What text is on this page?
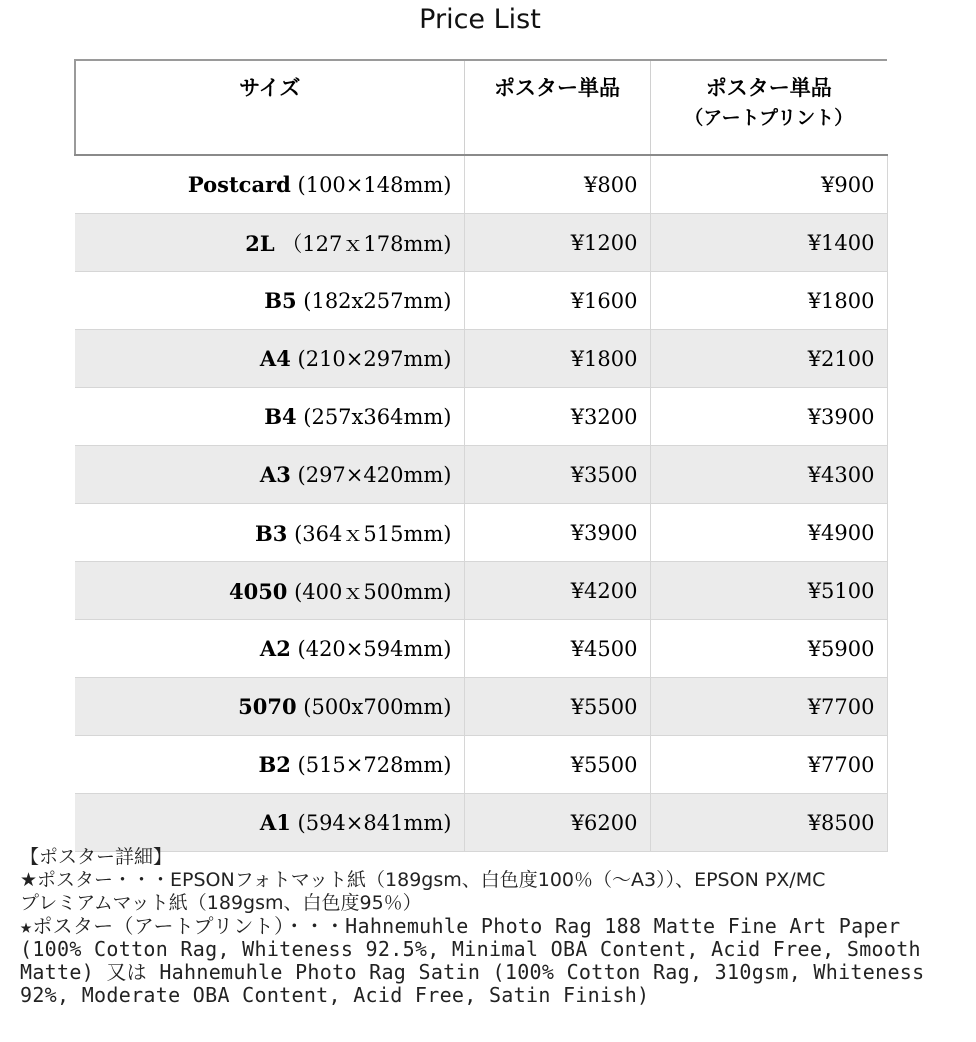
Price List
サイズ	ポスター単品	ポスター単品
（アートプリント）

Postcard (100×148mm)	¥800	¥900
2L （127ｘ178mm)	¥1200	¥1400
B5 (182x257mm)	¥1600	¥1800
A4 (210×297mm)	¥1800	¥2100
B4 (257x364mm)	¥3200	¥3900
A3 (297×420mm)	¥3500	¥4300
B3 (364ｘ515mm)	¥3900	¥4900
4050 (400ｘ500mm)	¥4200	¥5100
A2 (420×594mm)	¥4500	¥5900
5070 (500x700mm)	¥5500	¥7700
B2 (515×728mm)	¥5500	¥7700
A1 (594×841mm)	¥6200	¥8500
【ポスター詳細】
★ポスター・・・EPSONフォトマット紙（189gsm、白色度100％（～A3））、EPSON PX/MC
プレミアムマット紙（189gsm、白色度95％）
★ポスター（アートプリント）・・・Hahnemuhle Photo Rag 188 Matte Fine Art Paper (100% Cotton Rag, Whiteness 92.5%, Minimal OBA Content, Acid Free, Smooth Matte) 又は Hahnemuhle Photo Rag Satin (100% Cotton Rag, 310gsm, Whiteness 92%, Moderate OBA Content, Acid Free, Satin Finish)
